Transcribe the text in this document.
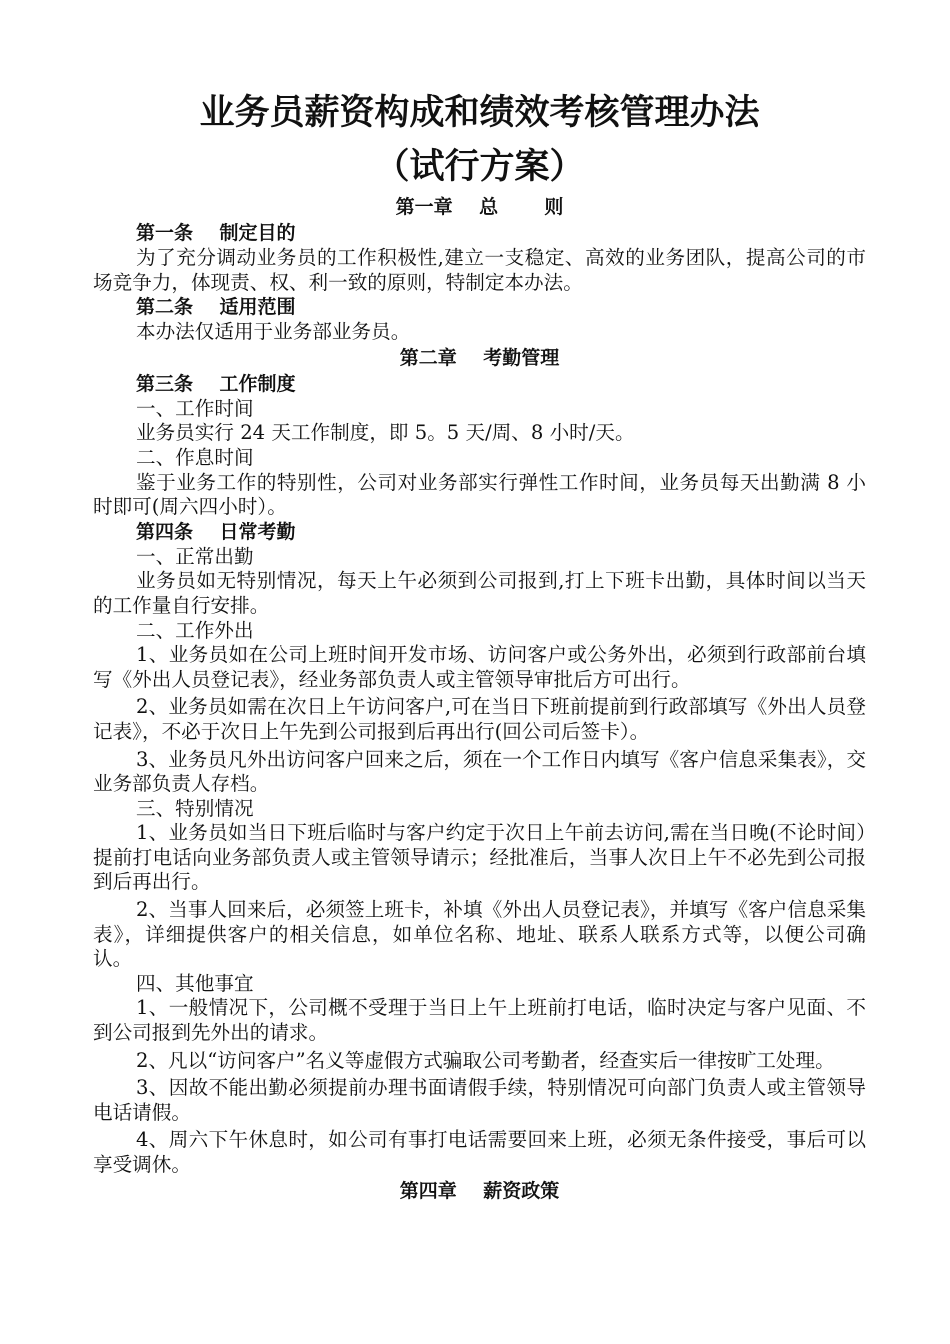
业务员薪资构成和绩效考核管理办法
（试行方案）
第一章    总       则
第一条    制定目的

为了充分调动业务员的工作积极性,建立一支稳定、高效的业务团队，提高公司的市场竞争力，体现责、权、利一致的原则，特制定本办法。

第二条    适用范围

本办法仅适用于业务部业务员。

第二章    考勤管理
第三条    工作制度

一、工作时间

业务员实行 24 天工作制度，即 5。5 天/周、8 小时/天。

二、作息时间

鉴于业务工作的特别性，公司对业务部实行弹性工作时间，业务员每天出勤满 8 小时即可(周六四小时）。

第四条    日常考勤

一、正常出勤

业务员如无特别情况，每天上午必须到公司报到,打上下班卡出勤，具体时间以当天的工作量自行安排。

二、工作外出

1、业务员如在公司上班时间开发市场、访问客户或公务外出，必须到行政部前台填写《外出人员登记表》，经业务部负责人或主管领导审批后方可出行。

2、业务员如需在次日上午访问客户,可在当日下班前提前到行政部填写《外出人员登记表》，不必于次日上午先到公司报到后再出行(回公司后签卡）。

3、业务员凡外出访问客户回来之后，须在一个工作日内填写《客户信息采集表》，交业务部负责人存档。

三、特别情况

1、业务员如当日下班后临时与客户约定于次日上午前去访问,需在当日晚(不论时间）提前打电话向业务部负责人或主管领导请示；经批准后，当事人次日上午不必先到公司报到后再出行。

2、当事人回来后，必须签上班卡，补填《外出人员登记表》，并填写《客户信息采集表》，详细提供客户的相关信息，如单位名称、地址、联系人联系方式等，以便公司确认。

四、其他事宜

1、一般情况下，公司概不受理于当日上午上班前打电话，临时决定与客户见面、不到公司报到先外出的请求。

2、凡以“访问客户”名义等虚假方式骗取公司考勤者，经查实后一律按旷工处理。

3、因故不能出勤必须提前办理书面请假手续，特别情况可向部门负责人或主管领导电话请假。

4、周六下午休息时，如公司有事打电话需要回来上班，必须无条件接受，事后可以享受调休。

第四章    薪资政策
